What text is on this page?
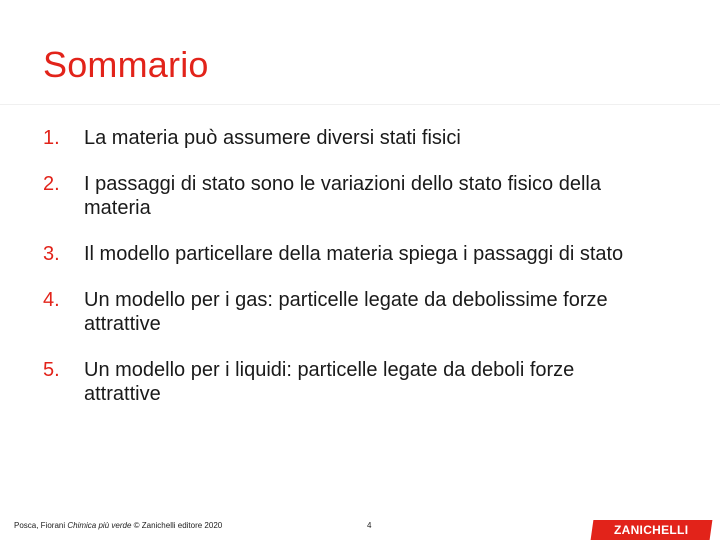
Sommario
1.	La materia può assumere diversi stati fisici
2.	I passaggi di stato sono le variazioni dello stato fisico della materia
3.	Il modello particellare della materia spiega i passaggi di stato
4.	Un modello per i gas: particelle legate da debolissime forze attrattive
5.	Un modello per i liquidi: particelle legate da deboli forze attrattive
Posca, Fiorani Chimica più verde © Zanichelli editore 2020	4	ZANICHELLI
